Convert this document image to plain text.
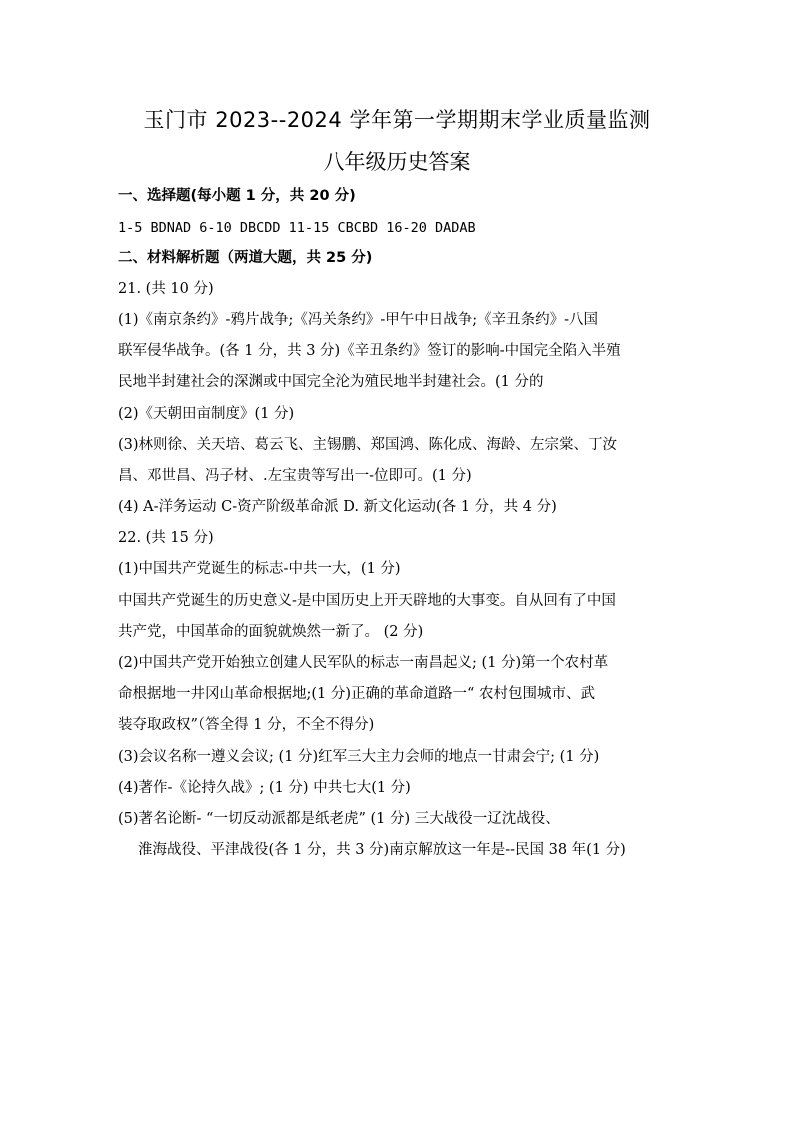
玉门市 2023--2024 学年第一学期期末学业质量监测
八年级历史答案
一、选择题(每小题 1 分，共 20 分)
1-5 BDNAD 6-10 DBCDD 11-15 CBCBD 16-20 DADAB
二、材料解析题（两道大题，共 25 分)
21. (共 10 分)
(1)《南京条约》-鸦片战争;《冯关条约》-甲午中日战争;《辛丑条约》-八国
联军侵华战争。(各 1 分，共 3 分)《辛丑条约》签订的影响-中国完全陷入半殖
民地半封建社会的深渊或中国完全沦为殖民地半封建社会。(1 分的
(2)《天朝田亩制度》(1 分)
(3)林则徐、关天培、葛云飞、主锡鹏、郑国鸿、陈化成、海龄、左宗棠、丁汝
昌、邓世昌、冯子材、.左宝贵等写出一-位即可。(1 分)
(4) A-洋务运动 C-资产阶级革命派 D. 新文化运动(各 1 分，共 4 分)
22. (共 15 分)
(1)中国共产党诞生的标志-中共一大，(1 分)
中国共产党诞生的历史意义-是中国历史上开天辟地的大事变。自从回有了中国
共产党，中国革命的面貌就焕然一新了。 (2 分)
(2)中国共产党开始独立创建人民军队的标志一南昌起义; (1 分)第一个农村革
命根据地一井冈山革命根据地;(1 分)正确的革命道路一“ 农村包围城市、武
装夺取政权”（答全得 1 分，不全不得分)
(3)会议名称一遵义会议; (1 分)红军三大主力会师的地点一甘肃会宁; (1 分)
(4)著作-《论持久战》; (1 分) 中共七大(1 分)
(5)著名论断- “一切反动派都是纸老虎” (1 分) 三大战役一辽沈战役、
淮海战役、平津战役(各 1 分，共 3 分)南京解放这一年是--民国 38 年(1 分)
